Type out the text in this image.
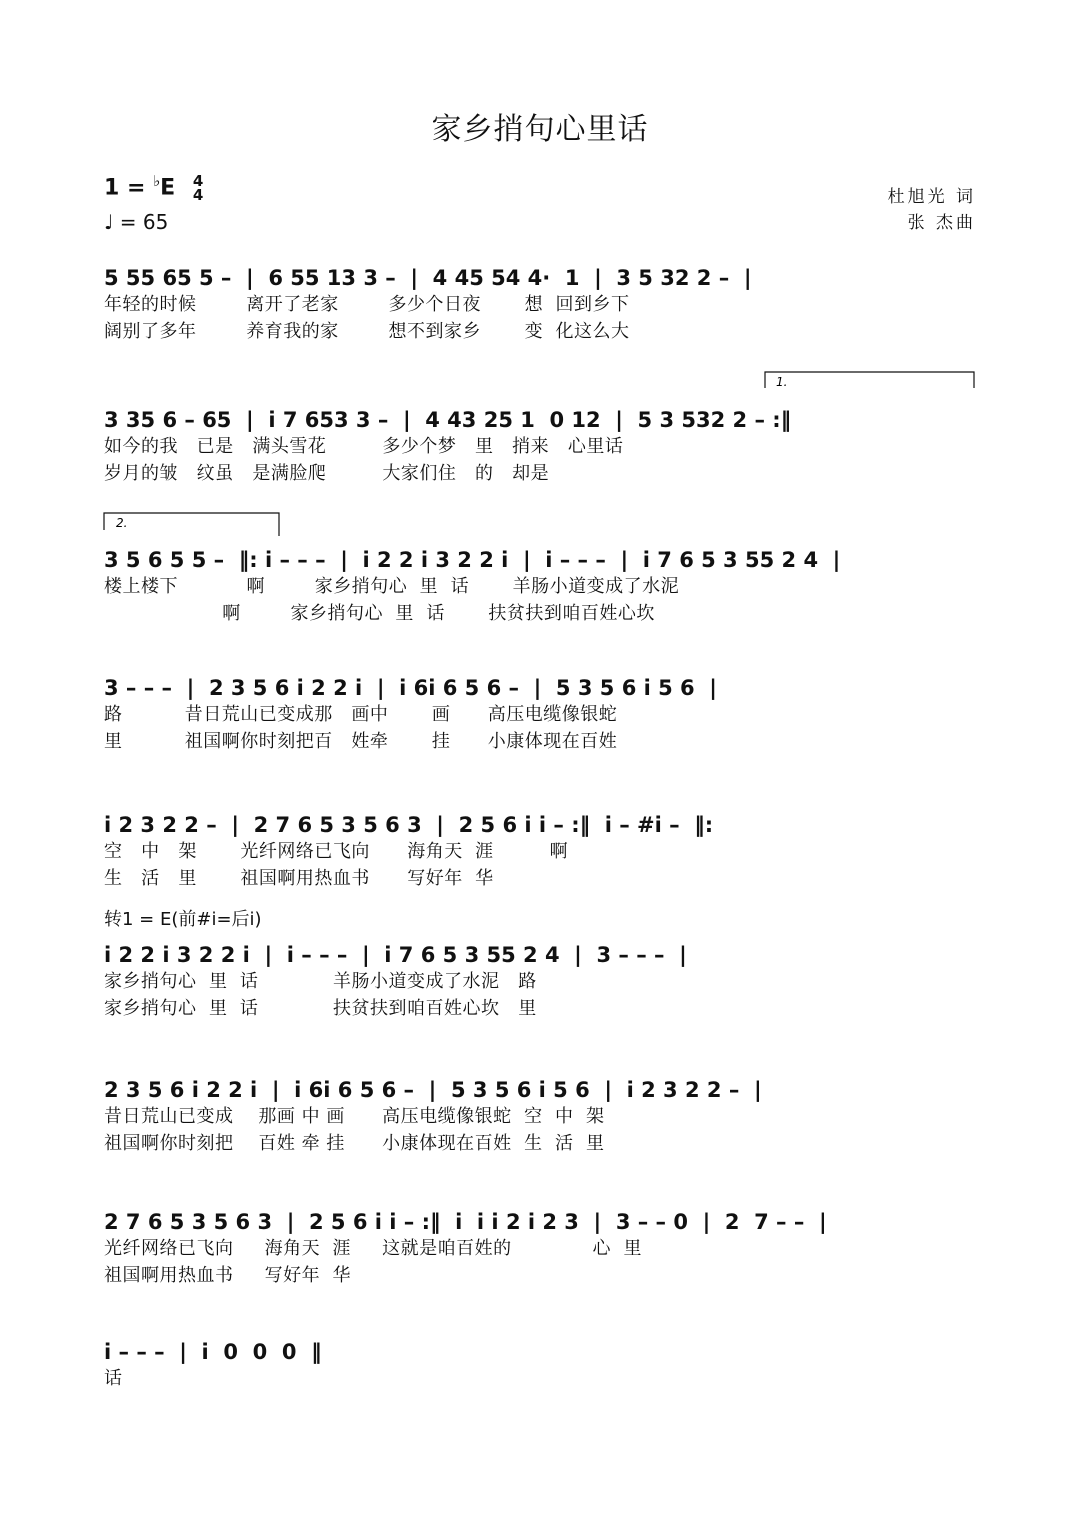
家乡捎句心里话
1 = ♭E 4
4
♩ = 65
杜旭光 词
张 杰曲
转1 = E(前#i=后i)
5 55 65 5 –  |  6 55 13 3 –  |  4 45 54 4·  1  |  3 5 32 2 –  |
年轻的时候        离开了老家        多少个日夜       想  回到乡下
阔别了多年        养育我的家        想不到家乡       变  化这么大
3 35 6 – 65  |  i 7 653 3 –  |  4 43 25 1  0 12  |  5 3 532 2 – :‖
如今的我   已是   满头雪花         多少个梦   里   捎来   心里话
岁月的皱   纹虽   是满脸爬         大家们住   的   却是
3 5 6 5 5 –  ‖: i – – –  |  i 2 2 i 3 2 2 i  |  i – – –  |  i 7 6 5 3 55 2 4  |
楼上楼下           啊        家乡捎句心  里  话       羊肠小道变成了水泥
啊        家乡捎句心  里  话       扶贫扶到咱百姓心坎
3 – – –  |  2 3 5 6 i 2 2 i  |  i 6i 6 5 6 –  |  5 3 5 6 i 5 6  |
路          昔日荒山已变成那   画中       画      高压电缆像银蛇
里          祖国啊你时刻把百   姓牵       挂      小康体现在百姓
i 2 3 2 2 –  |  2 7 6 5 3 5 6 3  |  2 5 6 i i – :‖  i – #i –  ‖:
空   中   架       光纤网络已飞向      海角天  涯         啊
生   活   里       祖国啊用热血书      写好年  华
i 2 2 i 3 2 2 i  |  i – – –  |  i 7 6 5 3 55 2 4  |  3 – – –  |
家乡捎句心  里  话            羊肠小道变成了水泥   路
家乡捎句心  里  话            扶贫扶到咱百姓心坎   里
2 3 5 6 i 2 2 i  |  i 6i 6 5 6 –  |  5 3 5 6 i 5 6  |  i 2 3 2 2 –  |
昔日荒山已变成    那画 中 画      高压电缆像银蛇  空  中  架
祖国啊你时刻把    百姓 牵 挂      小康体现在百姓  生  活  里
2 7 6 5 3 5 6 3  |  2 5 6 i i – :‖  i  i i 2 i 2 3  |  3 – – 0  |  2  7 – –  |
光纤网络已飞向     海角天  涯     这就是咱百姓的             心  里
祖国啊用热血书     写好年  华
i – – –  |  i  0  0  0  ‖
话
1.
2.
